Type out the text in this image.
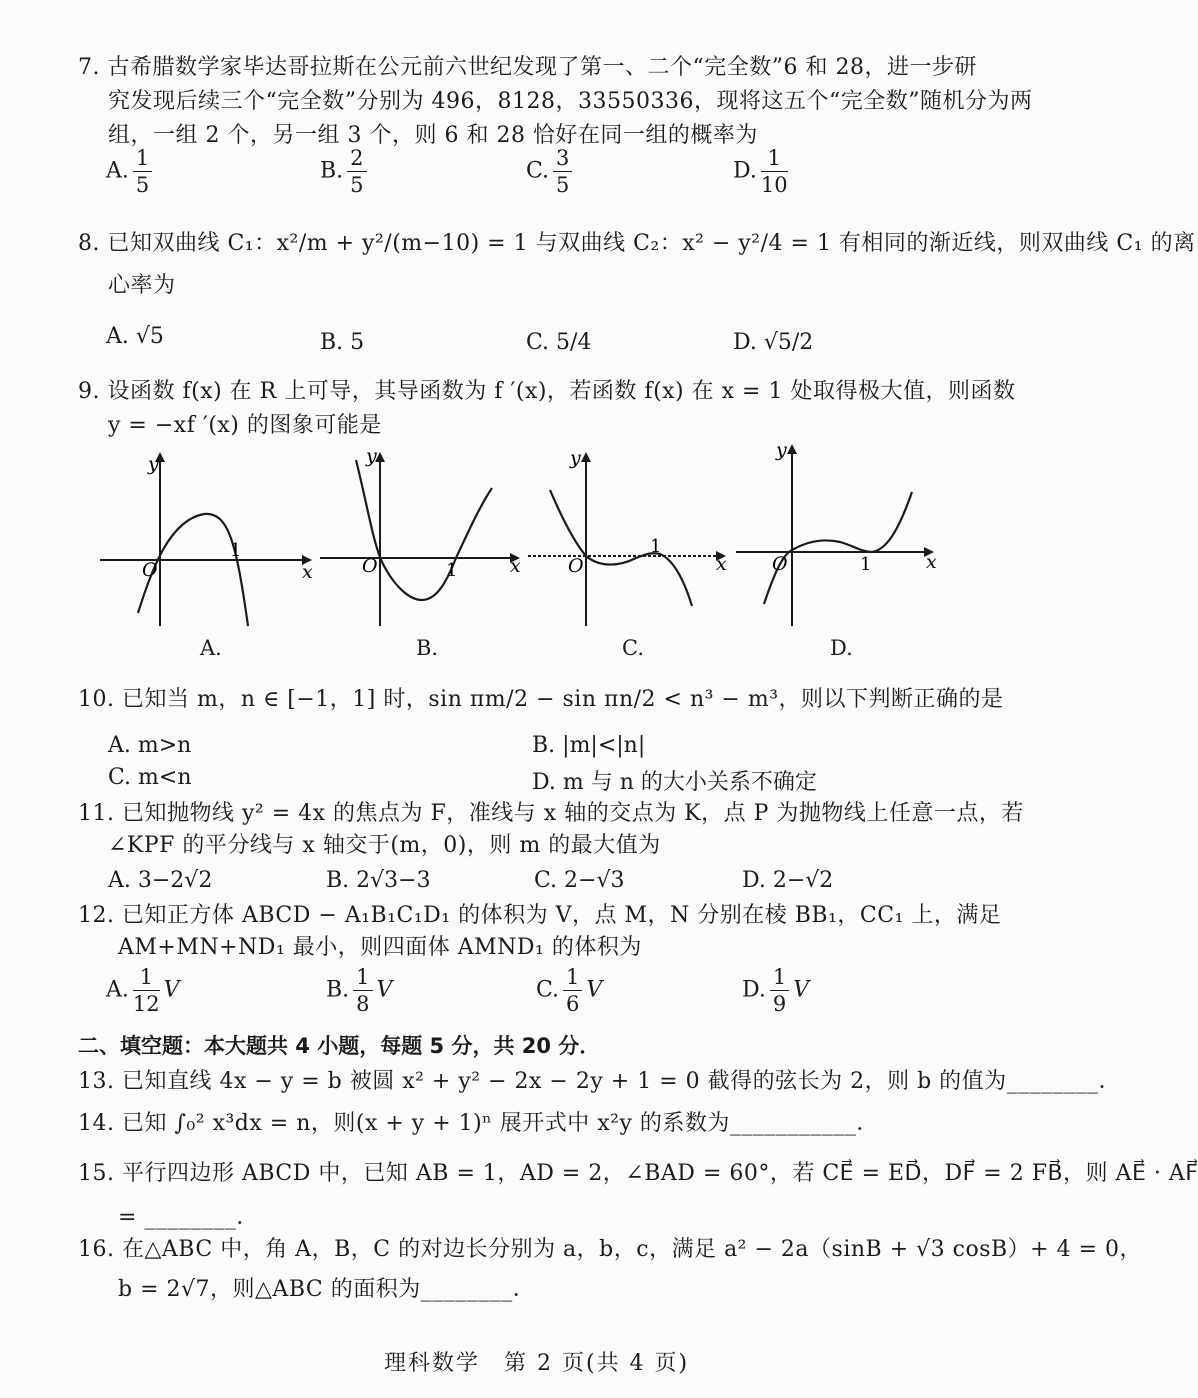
7. 古希腊数学家毕达哥拉斯在公元前六世纪发现了第一、二个“完全数”6 和 28，进一步研
究发现后续三个“完全数”分别为 496，8128，33550336，现将这五个“完全数”随机分为两
组，一组 2 个，另一组 3 个，则 6 和 28 恰好在同一组的概率为
A. $\frac{1}{5}$	B. $\frac{2}{5}$	C. $\frac{3}{5}$	D. $\frac{1}{10}$
8. 已知双曲线 C₁：x²/m + y²/(m−10) = 1 与双曲线 C₂：x² − y²/4 = 1 有相同的渐近线，则双曲线 C₁ 的离
心率为
A. √5	B. 5	C. 5/4	D. √5/2
9. 设函数 f(x) 在 R 上可导，其导函数为 f ′(x)，若函数 f(x) 在 x = 1 处取得极大值，则函数
y = −xf ′(x) 的图象可能是
y
x
O
1
A.
y
x
O	1
B.
y
x
O
1
C.
y
x
O	1
D.
10. 已知当 m，n ∈ [−1，1] 时，sin πm/2 − sin πn/2 < n³ − m³，则以下判断正确的是
A. m>n	B. |m|<|n|
C. m<n	D. m 与 n 的大小关系不确定
11. 已知抛物线 y² = 4x 的焦点为 F，准线与 x 轴的交点为 K，点 P 为抛物线上任意一点，若
∠KPF 的平分线与 x 轴交于(m，0)，则 m 的最大值为
A. 3−2√2	B. 2√3−3	C. 2−√3	D. 2−√2
12. 已知正方体 ABCD − A₁B₁C₁D₁ 的体积为 V，点 M，N 分别在棱 BB₁，CC₁ 上，满足
AM+MN+ND₁ 最小，则四面体 AMND₁ 的体积为
A. $\frac{1}{12}$ V	B. $\frac{1}{8}$ V	C. $\frac{1}{6}$ V	D. $\frac{1}{9}$ V
二、填空题：本大题共 4 小题，每题 5 分，共 20 分．
13. 已知直线 4x − y = b 被圆 x² + y² − 2x − 2y + 1 = 0 截得的弦长为 2，则 b 的值为________．
14. 已知 ∫₀² x³dx = n，则(x + y + 1)ⁿ 展开式中 x²y 的系数为___________．
15. 平行四边形 ABCD 中，已知 AB = 1，AD = 2，∠BAD = 60°，若 CE⃗ = ED⃗，DF⃗ = 2 FB⃗，则 AE⃗ · AF⃗
= ________．
16. 在△ABC 中，角 A，B，C 的对边长分别为 a，b，c，满足 a² − 2a（sinB + √3 cosB）+ 4 = 0，
b = 2√7，则△ABC 的面积为________．
理科数学　第 2 页(共 4 页)
